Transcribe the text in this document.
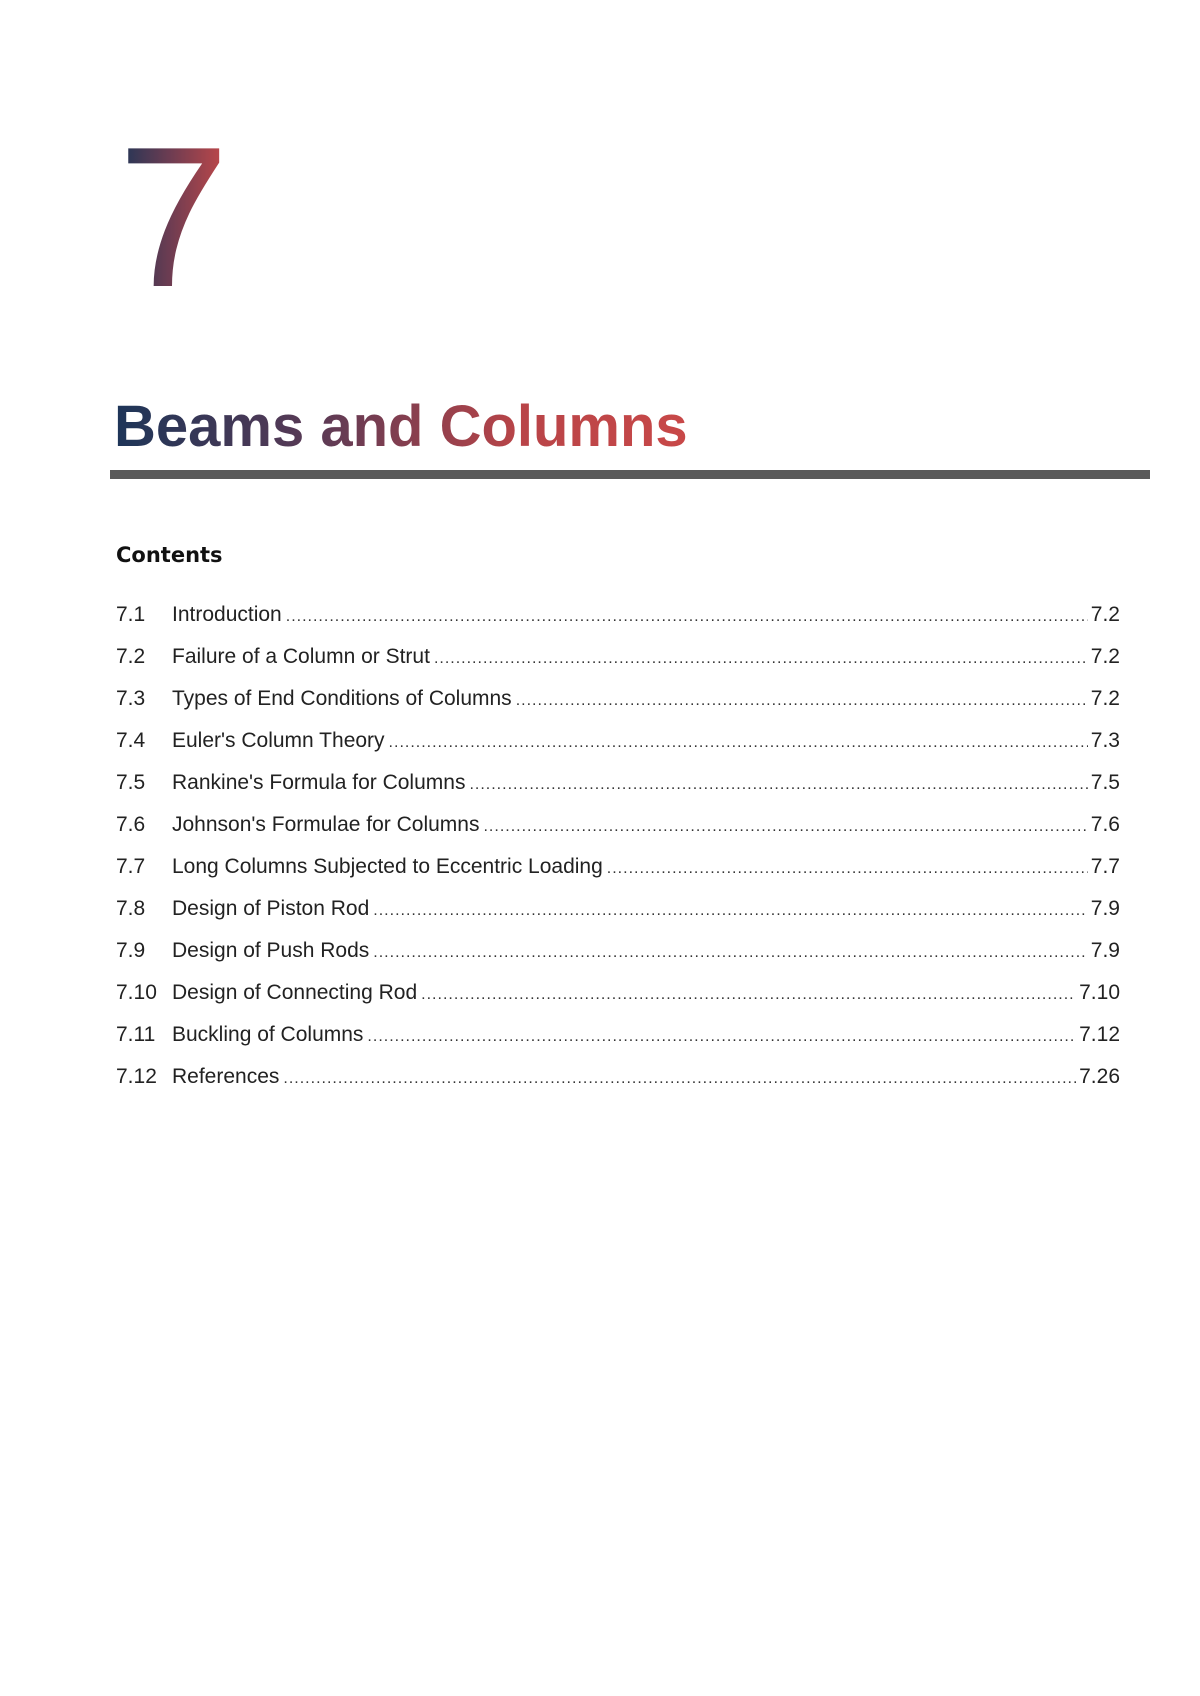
7
Beams and Columns
Contents
7.1	Introduction .....	7.2
7.2	Failure of a Column or Strut .....	7.2
7.3	Types of End Conditions of Columns .....	7.2
7.4	Euler's Column Theory .....	7.3
7.5	Rankine's Formula for Columns .....	7.5
7.6	Johnson's Formulae for Columns .....	7.6
7.7	Long Columns Subjected to Eccentric Loading .....	7.7
7.8	Design of Piston Rod .....	7.9
7.9	Design of Push Rods .....	7.9
7.10 Design of Connecting Rod .....	7.10
7.11 Buckling of Columns .....	7.12
7.12 References .....	7.26
